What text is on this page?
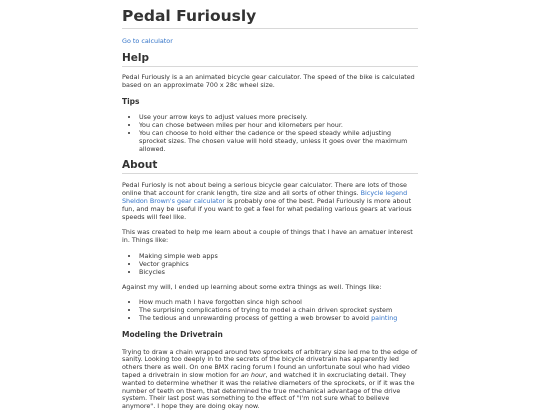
Pedal Furiously

Go to calculator

Help

Pedal Furiously is a an animated bicycle gear calculator. The speed of the bike is calculated based on an approximate 700 x 28c wheel size.

Tips
• Use your arrow keys to adjust values more precisely.
• You can chose between miles per hour and kilometers per hour.
• You can choose to hold either the cadence or the speed steady while adjusting sprocket sizes. The chosen value will hold steady, unless it goes over the maximum allowed.
About

Pedal Furiosly is not about being a serious bicycle gear calculator. There are lots of those online that account for crank length, tire size and all sorts of other things. Bicycle legend Sheldon Brown's gear calculator is probably one of the best. Pedal Furiously is more about fun, and may be useful if you want to get a feel for what pedaling various gears at various speeds will feel like.

This was created to help me learn about a couple of things that I have an amatuer interest in. Things like:

• Making simple web apps
• Vector graphics
• Bicycles

Against my will, I ended up learning about some extra things as well. Things like:

• How much math I have forgotten since high school
• The surprising complications of trying to model a chain driven sprocket system
• The tedious and unrewarding process of getting a web browser to avoid painting
Modeling the Drivetrain

Trying to draw a chain wrapped around two sprockets of arbitrary size led me to the edge of sanity. Looking too deeply in to the secrets of the bicycle drivetrain has apparently led others there as well. On one BMX racing forum I found an unfortunate soul who had video taped a drivetrain in slow motion for an hour, and watched it in excruciating detail. They wanted to determine whether it was the relative diameters of the sprockets, or if it was the number of teeth on them, that determined the true mechanical advantage of the drive system. Their last post was something to the effect of "I'm not sure what to believe anymore". I hope they are doing okay now.
